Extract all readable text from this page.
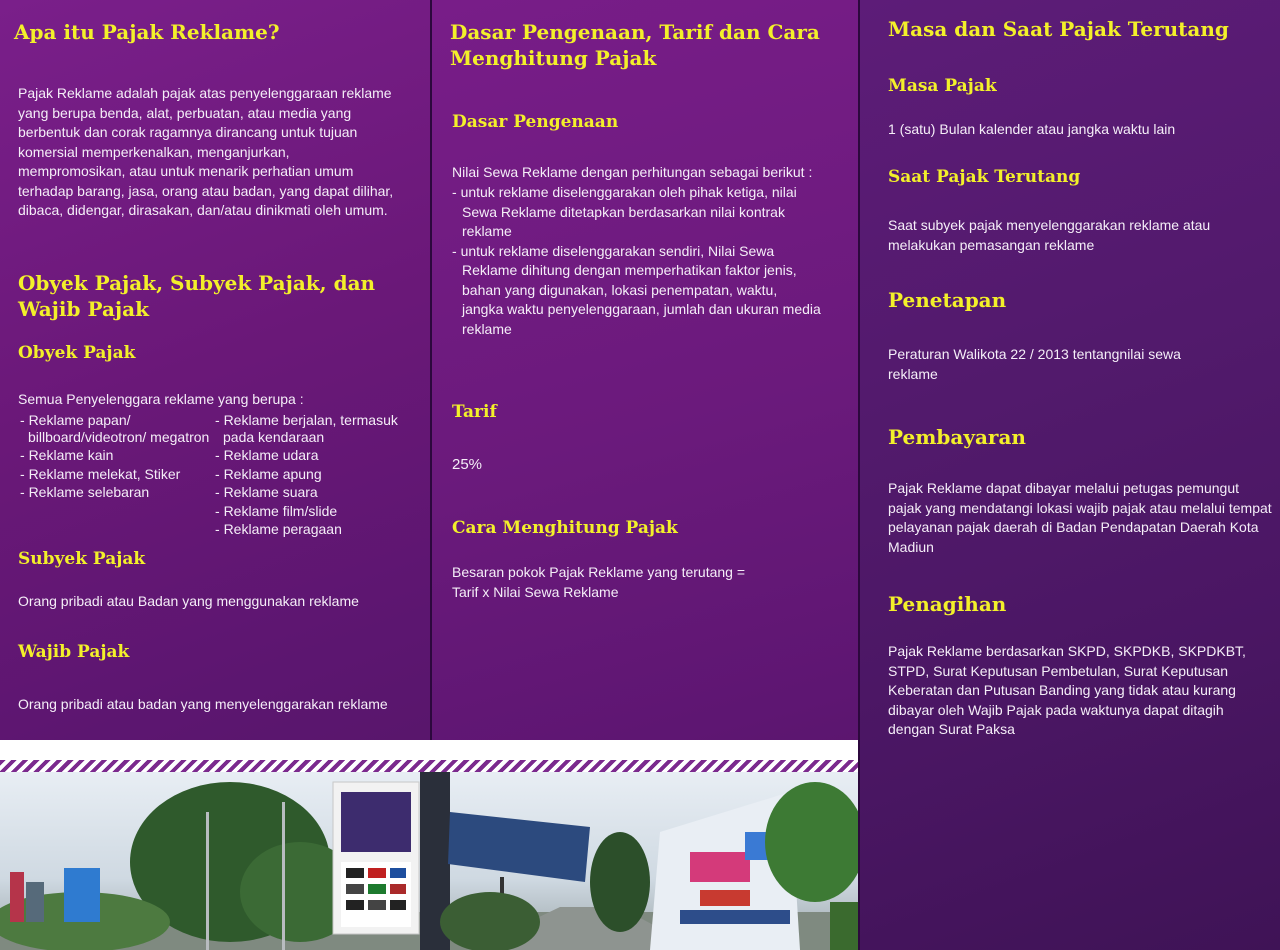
Apa itu Pajak Reklame?

Pajak Reklame adalah pajak atas penyelenggaraan reklame yang berupa benda, alat, perbuatan, atau media yang berbentuk dan corak ragamnya dirancang untuk tujuan komersial memperkenalkan, menganjurkan, mempromosikan, atau untuk menarik perhatian umum terhadap barang, jasa, orang atau badan, yang dapat dilihar, dibaca, didengar, dirasakan, dan/atau dinikmati oleh umum.

Obyek Pajak, Subyek Pajak, dan Wajib Pajak
Obyek Pajak

Semua Penyelenggara reklame yang berupa :

- Reklame papan/ billboard/videotron/ megatron
- Reklame kain
- Reklame melekat, Stiker
- Reklame selebaran
- Reklame berjalan, termasuk pada kendaraan
- Reklame udara
- Reklame apung
- Reklame suara
- Reklame film/slide
- Reklame peragaan
Subyek Pajak

Orang pribadi atau Badan yang menggunakan reklame

Wajib Pajak

Orang pribadi atau badan yang menyelenggarakan reklame

Dasar Pengenaan, Tarif dan Cara Menghitung Pajak
Dasar Pengenaan

Nilai Sewa Reklame dengan perhitungan sebagai berikut :

- untuk reklame diselenggarakan oleh pihak ketiga, nilai Sewa Reklame ditetapkan berdasarkan nilai kontrak reklame
- untuk reklame diselenggarakan sendiri, Nilai Sewa Reklame dihitung dengan memperhatikan faktor jenis, bahan yang digunakan, lokasi penempatan, waktu, jangka waktu penyelenggaraan, jumlah dan ukuran media reklame
Tarif

25%

Cara Menghitung Pajak

Besaran pokok Pajak Reklame yang terutang = Tarif x Nilai Sewa Reklame

Masa dan Saat Pajak Terutang
Masa Pajak

1 (satu) Bulan kalender atau jangka waktu lain

Saat Pajak Terutang

Saat subyek pajak menyelenggarakan reklame atau melakukan pemasangan reklame

Penetapan

Peraturan Walikota 22 / 2013 tentangnilai sewa reklame

Pembayaran

Pajak Reklame dapat dibayar melalui petugas pemungut pajak yang mendatangi lokasi wajib pajak atau melalui tempat pelayanan pajak daerah di Badan Pendapatan Daerah Kota Madiun

Penagihan

Pajak Reklame berdasarkan SKPD, SKPDKB, SKPDKBT, STPD, Surat Keputusan Pembetulan, Surat Keputusan Keberatan dan Putusan Banding yang tidak atau kurang dibayar oleh Wajib Pajak pada waktunya dapat ditagih dengan Surat Paksa
